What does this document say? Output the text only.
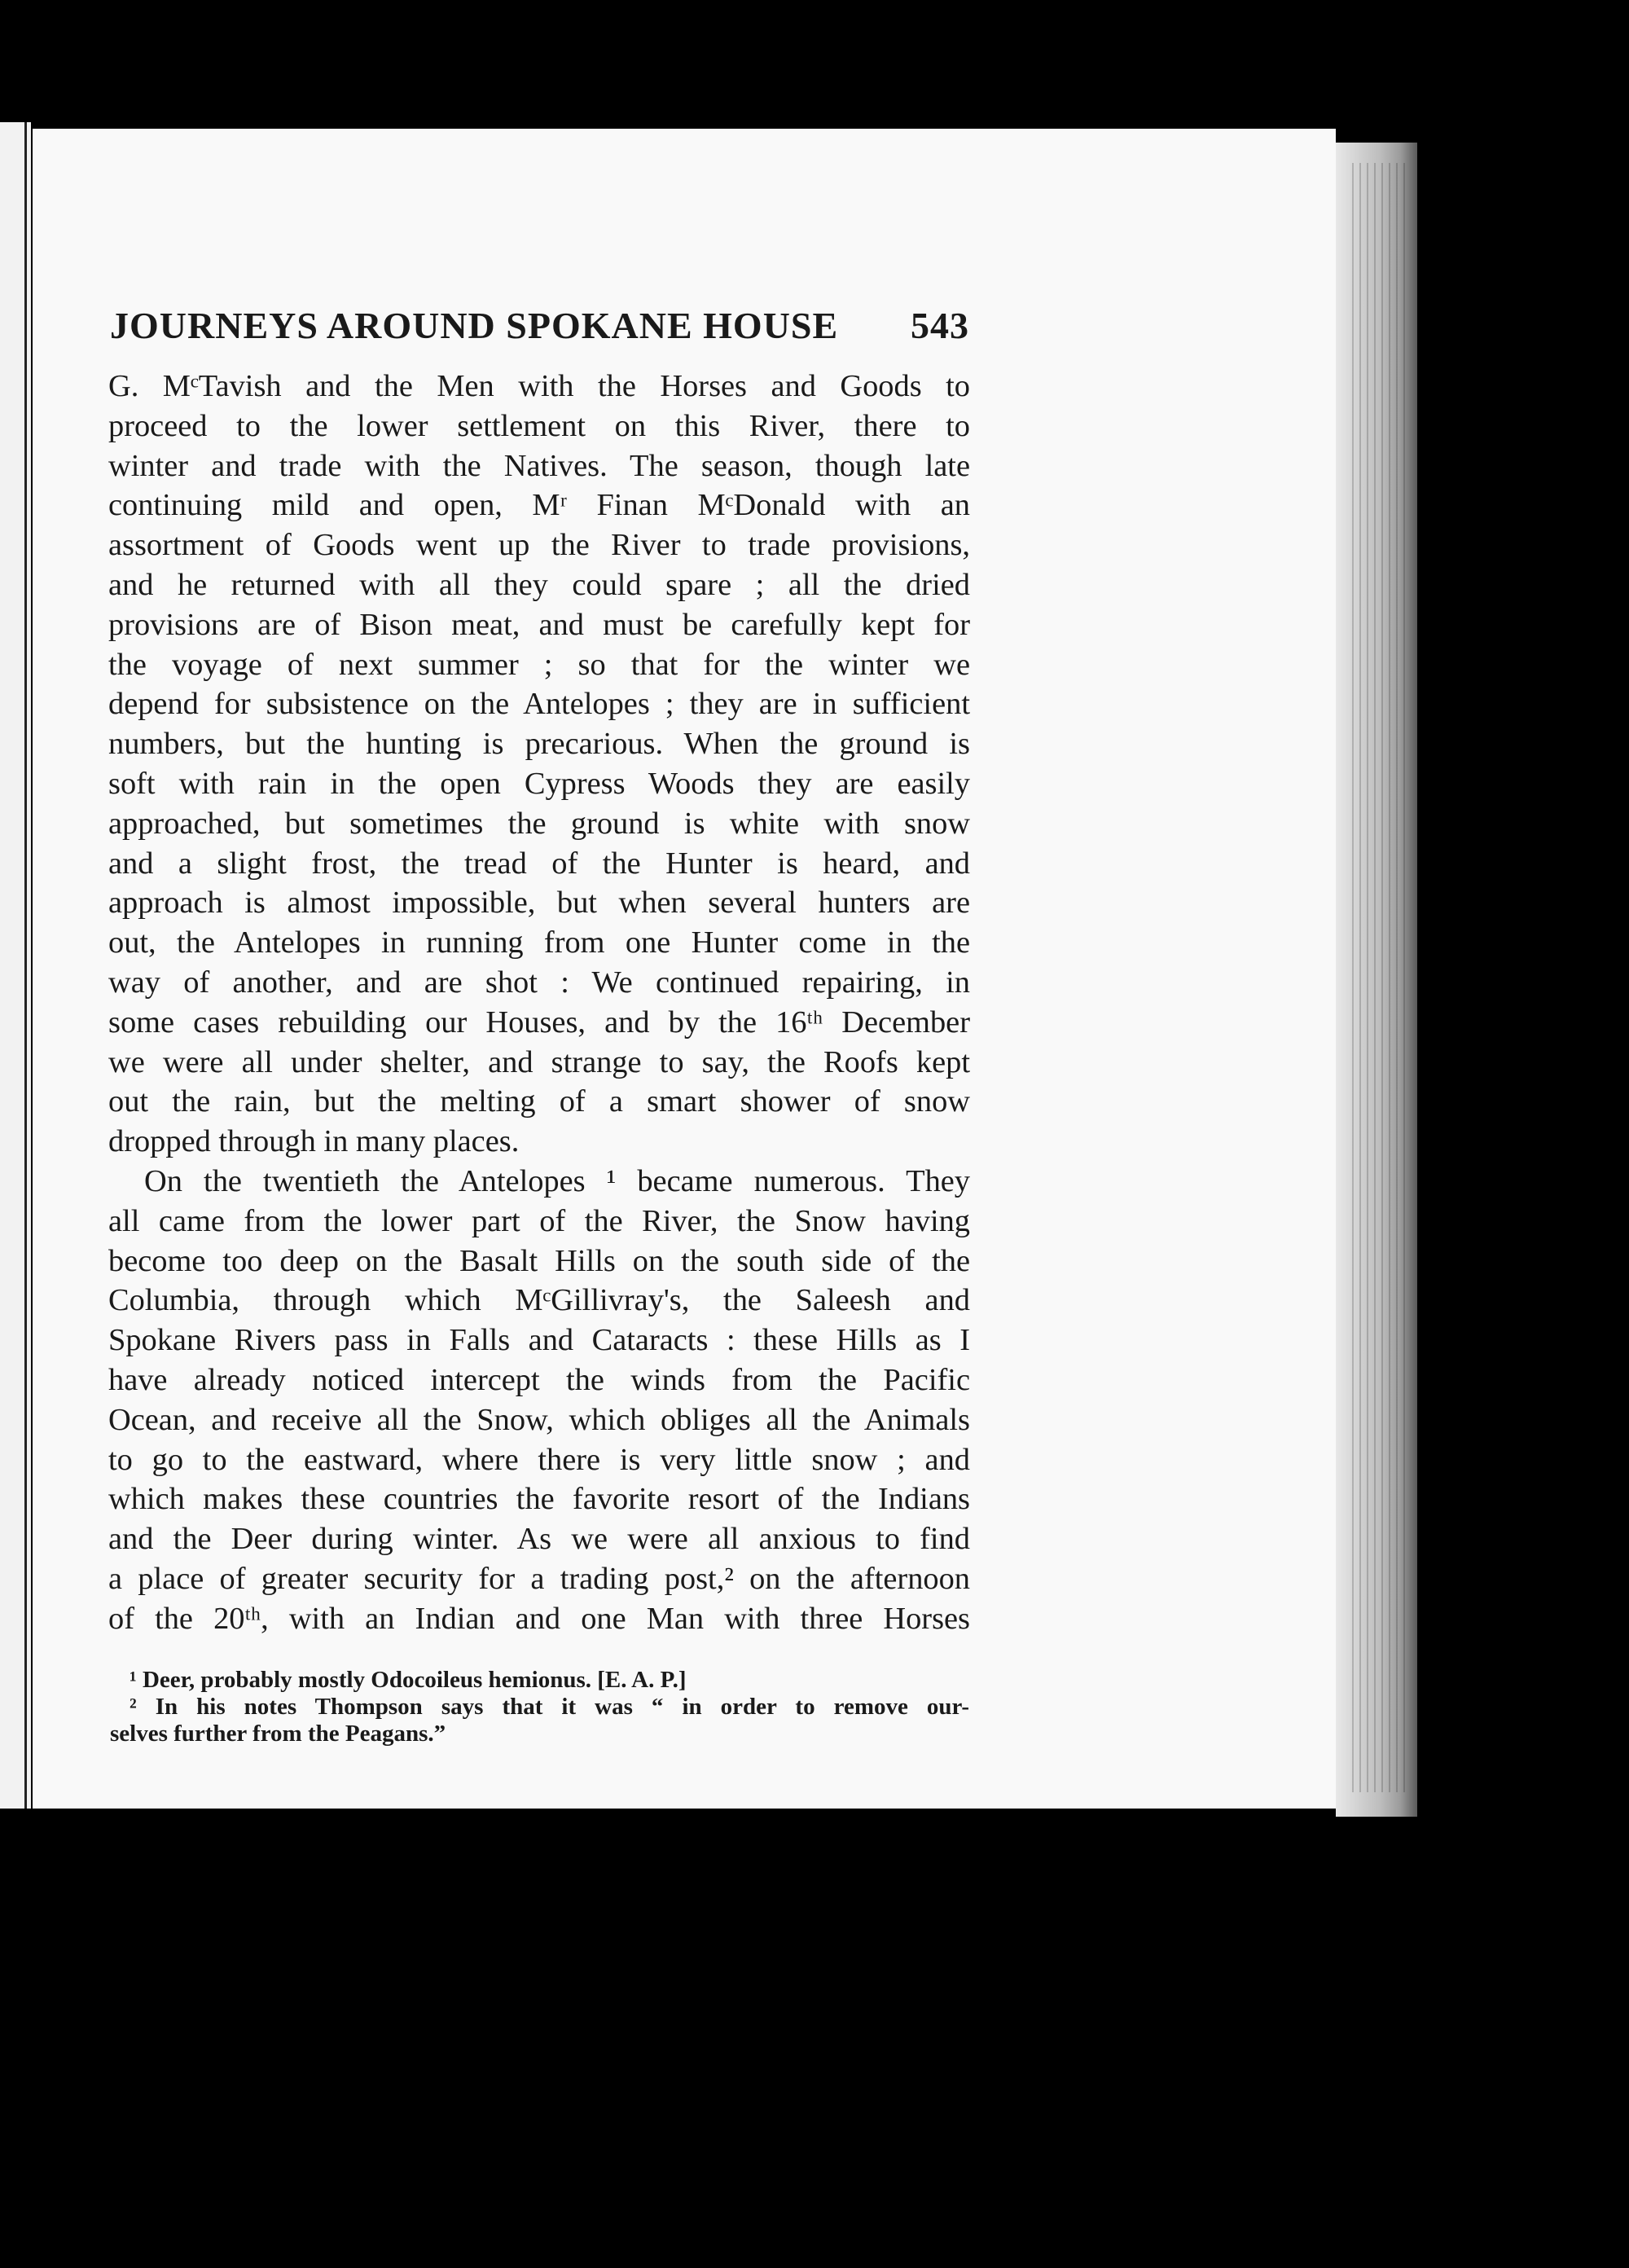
JOURNEYS AROUND SPOKANE HOUSE 543
G. MᶜTavish and the Men with the Horses and Goods to
proceed to the lower settlement on this River, there to
winter and trade with the Natives. The season, though late
continuing mild and open, Mʳ Finan MᶜDonald with an
assortment of Goods went up the River to trade provisions,
and he returned with all they could spare ; all the dried
provisions are of Bison meat, and must be carefully kept for
the voyage of next summer ; so that for the winter we
depend for subsistence on the Antelopes ; they are in sufficient
numbers, but the hunting is precarious. When the ground is
soft with rain in the open Cypress Woods they are easily
approached, but sometimes the ground is white with snow
and a slight frost, the tread of the Hunter is heard, and
approach is almost impossible, but when several hunters are
out, the Antelopes in running from one Hunter come in the
way of another, and are shot : We continued repairing, in
some cases rebuilding our Houses, and by the 16ᵗʰ December
we were all under shelter, and strange to say, the Roofs kept
out the rain, but the melting of a smart shower of snow
dropped through in many places.
On the twentieth the Antelopes ¹ became numerous. They
all came from the lower part of the River, the Snow having
become too deep on the Basalt Hills on the south side of the
Columbia, through which MᶜGillivray's, the Saleesh and
Spokane Rivers pass in Falls and Cataracts : these Hills as I
have already noticed intercept the winds from the Pacific
Ocean, and receive all the Snow, which obliges all the Animals
to go to the eastward, where there is very little snow ; and
which makes these countries the favorite resort of the Indians
and the Deer during winter. As we were all anxious to find
a place of greater security for a trading post,² on the afternoon
of the 20ᵗʰ, with an Indian and one Man with three Horses
¹ Deer, probably mostly Odocoileus hemionus. [E. A. P.]
² In his notes Thompson says that it was “ in order to remove our-
selves further from the Peagans.”
